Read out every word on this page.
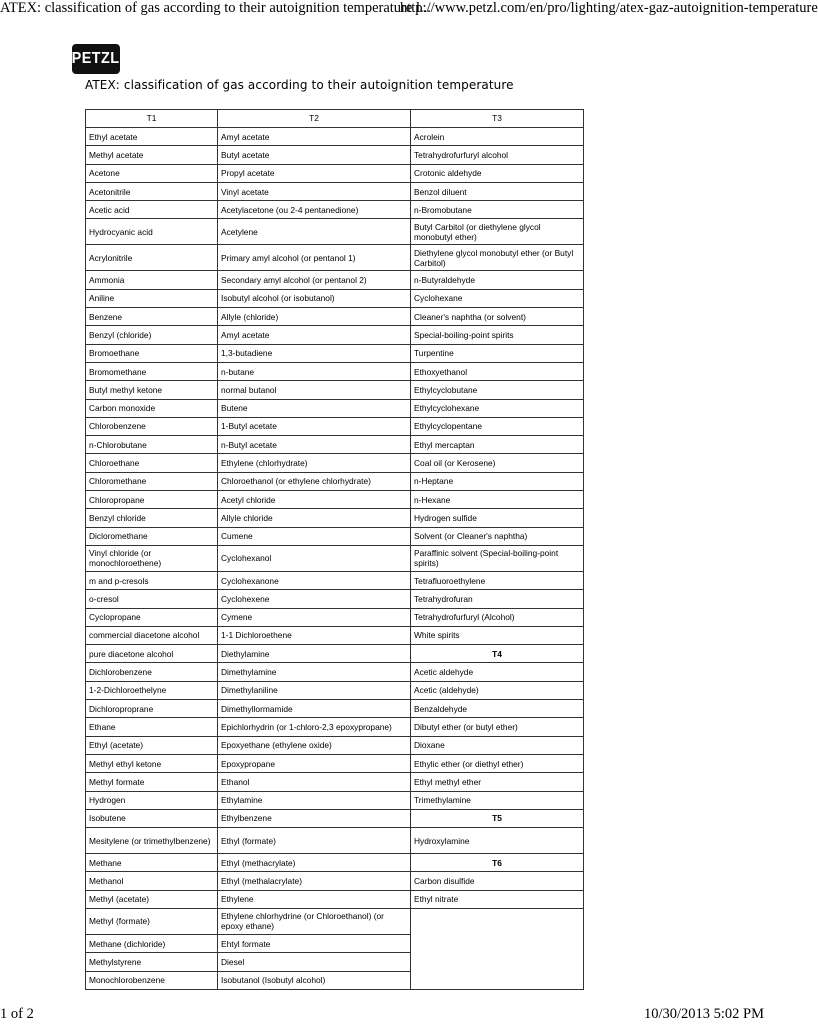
ATEX: classification of gas according to their autoignition temperature l...
http://www.petzl.com/en/pro/lighting/atex-gaz-autoignition-temperature
PETZL
ATEX: classification of gas according to their autoignition temperature
T1	T2	T3
Ethyl acetate	Amyl acetate	Acrolein
Methyl acetate	Butyl acetate	Tetrahydrofurfuryl alcohol
Acetone	Propyl acetate	Crotonic aldehyde
Acetonitrile	Vinyl acetate	Benzol diluent
Acetic acid	Acetylacetone (ou 2-4 pentanedione)	n-Bromobutane
Hydrocyanic acid	Acetylene	Butyl Carbitol (or diethylene glycol monobutyl ether)
Acrylonitrile	Primary amyl alcohol (or pentanol 1)	Diethylene glycol monobutyl ether (or Butyl Carbitol)
Ammonia	Secondary amyl alcohol (or pentanol 2)	n-Butyraldehyde
Aniline	Isobutyl alcohol (or isobutanol)	Cyclohexane
Benzene	Allyle (chloride)	Cleaner's naphtha (or solvent)
Benzyl (chloride)	Amyl acetate	Special-boiling-point spirits
Bromoethane	1,3-butadiene	Turpentine
Bromomethane	n-butane	Ethoxyethanol
Butyl methyl ketone	normal butanol	Ethylcyclobutane
Carbon monoxide	Butene	Ethylcyclohexane
Chlorobenzene	1-Butyl acetate	Ethylcyclopentane
n-Chlorobutane	n-Butyl acetate	Ethyl mercaptan
Chloroethane	Ethylene (chlorhydrate)	Coal oil (or Kerosene)
Chloromethane	Chloroethanol (or ethylene chlorhydrate)	n-Heptane
Chloropropane	Acetyl chloride	n-Hexane
Benzyl chloride	Allyle chloride	Hydrogen sulfide
Dicloromethane	Cumene	Solvent (or Cleaner's naphtha)
Vinyl chloride (or monochloroethene)	Cyclohexanol	Paraffinic solvent (Special-boiling-point spirits)
m and p-cresols	Cyclohexanone	Tetrafluoroethylene
o-cresol	Cyclohexene	Tetrahydrofuran
Cyclopropane	Cymene	Tetrahydrofurfuryl (Alcohol)
commercial diacetone alcohol	1-1 Dichloroethene	White spirits
pure diacetone alcohol	Diethylamine	T4
Dichlorobenzene	Dimethylamine	Acetic aldehyde
1-2-Dichloroethelyne	Dimethylaniline	Acetic (aldehyde)
Dichloroproprane	Dimethyllormamide	Benzaldehyde
Ethane	Epichlorhydrin (or 1-chloro-2,3 epoxypropane)	Dibutyl ether (or butyl ether)
Ethyl (acetate)	Epoxyethane (ethylene oxide)	Dioxane
Methyl ethyl ketone	Epoxypropane	Ethylic ether (or diethyl ether)
Methyl formate	Ethanol	Ethyl methyl ether
Hydrogen	Ethylamine	Trimethylamine
Isobutene	Ethylbenzene	T5
Mesitylene (or trimethylbenzene)	Ethyl (formate)	Hydroxylamine
Methane	Ethyl (methacrylate)	T6
Methanol	Ethyl (methalacrylate)	Carbon disulfide
Methyl (acetate)	Ethylene	Ethyl nitrate
Methyl (formate)	Ethylene chlorhydrine (or Chloroethanol) (or epoxy ethane)	
Methane (dichloride)	Ehtyl formate	
Methylstyrene	Diesel	
Monochlorobenzene	Isobutanol (Isobutyl alcohol)	
1 of 2	10/30/2013 5:02 PM
